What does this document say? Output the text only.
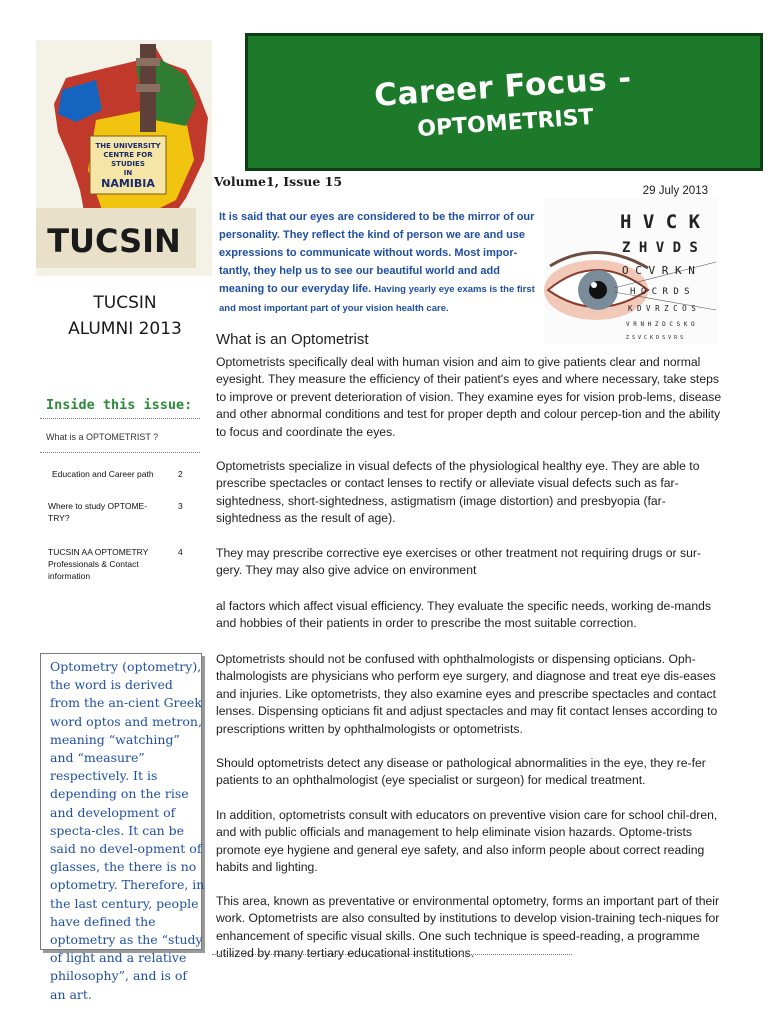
THE UNIVERSITY
CENTRE FOR
STUDIES
IN
NAMIBIA
TUCSIN
Career Focus -
OPTOMETRIST
Volume1, Issue 15
29 July 2013
It is said that our eyes are considered to be the mirror of our personality. They reflect the kind of person we are and use expressions to communicate without words. Most impor-tantly, they help us to see our beautiful world and add meaning to our everyday life. Having yearly eye exams is the first and most important part of your vision health care.
H V C K
Z H V D S
O C V R K N
H O C R D S
K D V R Z C O S
V R N H Z D C S K O
Z S V C K D S V R S
TUCSIN
ALUMNI 2013
What is an Optometrist
Inside this issue:
What is a OPTOMETRIST ?
Education and Career path	2
Where to study OPTOME-TRY?
3
TUCSIN AA OPTOMETRY Professionals & Contact information
4
Optometry (optometry), the word is derived from the an-cient Greek word optos and metron, meaning “watching” and “measure” respectively. It is depending on the rise and development of specta-cles. It can be said no devel-opment of glasses, the there is no optometry. Therefore, in the last century, people have defined the optometry as the “study of light and a relative philosophy”, and is of an art.
Optometrists specifically deal with human vision and aim to give patients clear and normal eyesight. They measure the efficiency of their patient's eyes and where necessary, take steps to improve or prevent deterioration of vision. They examine eyes for vision prob-lems, disease and other abnormal conditions and test for proper depth and colour percep-tion and the ability to focus and coordinate the eyes.
Optometrists specialize in visual defects of the physiological healthy eye. They are able to prescribe spectacles or contact lenses to rectify or alleviate visual defects such as far-sightedness, short-sightedness, astigmatism (image distortion) and presbyopia (far-sightedness as the result of age).
They may prescribe corrective eye exercises or other treatment not requiring drugs or sur-gery. They may also give advice on environment
al factors which affect visual efficiency. They evaluate the specific needs, working de-mands and hobbies of their patients in order to prescribe the most suitable correction.
Optometrists should not be confused with ophthalmologists or dispensing opticians. Oph-thalmologists are physicians who perform eye surgery, and diagnose and treat eye dis-eases and injuries. Like optometrists, they also examine eyes and prescribe spectacles and contact lenses. Dispensing opticians fit and adjust spectacles and may fit contact lenses according to prescriptions written by ophthalmologists or optometrists.
Should optometrists detect any disease or pathological abnormalities in the eye, they re-fer patients to an ophthalmologist (eye specialist or surgeon) for medical treatment.
In addition, optometrists consult with educators on preventive vision care for school chil-dren, and with public officials and management to help eliminate vision hazards. Optome-trists promote eye hygiene and general eye safety, and also inform people about correct reading habits and lighting.
This area, known as preventative or environmental optometry, forms an important part of their work. Optometrists are also consulted by institutions to develop vision-training tech-niques for enhancement of specific visual skills. One such technique is speed-reading, a programme utilized by many tertiary educational institutions.
